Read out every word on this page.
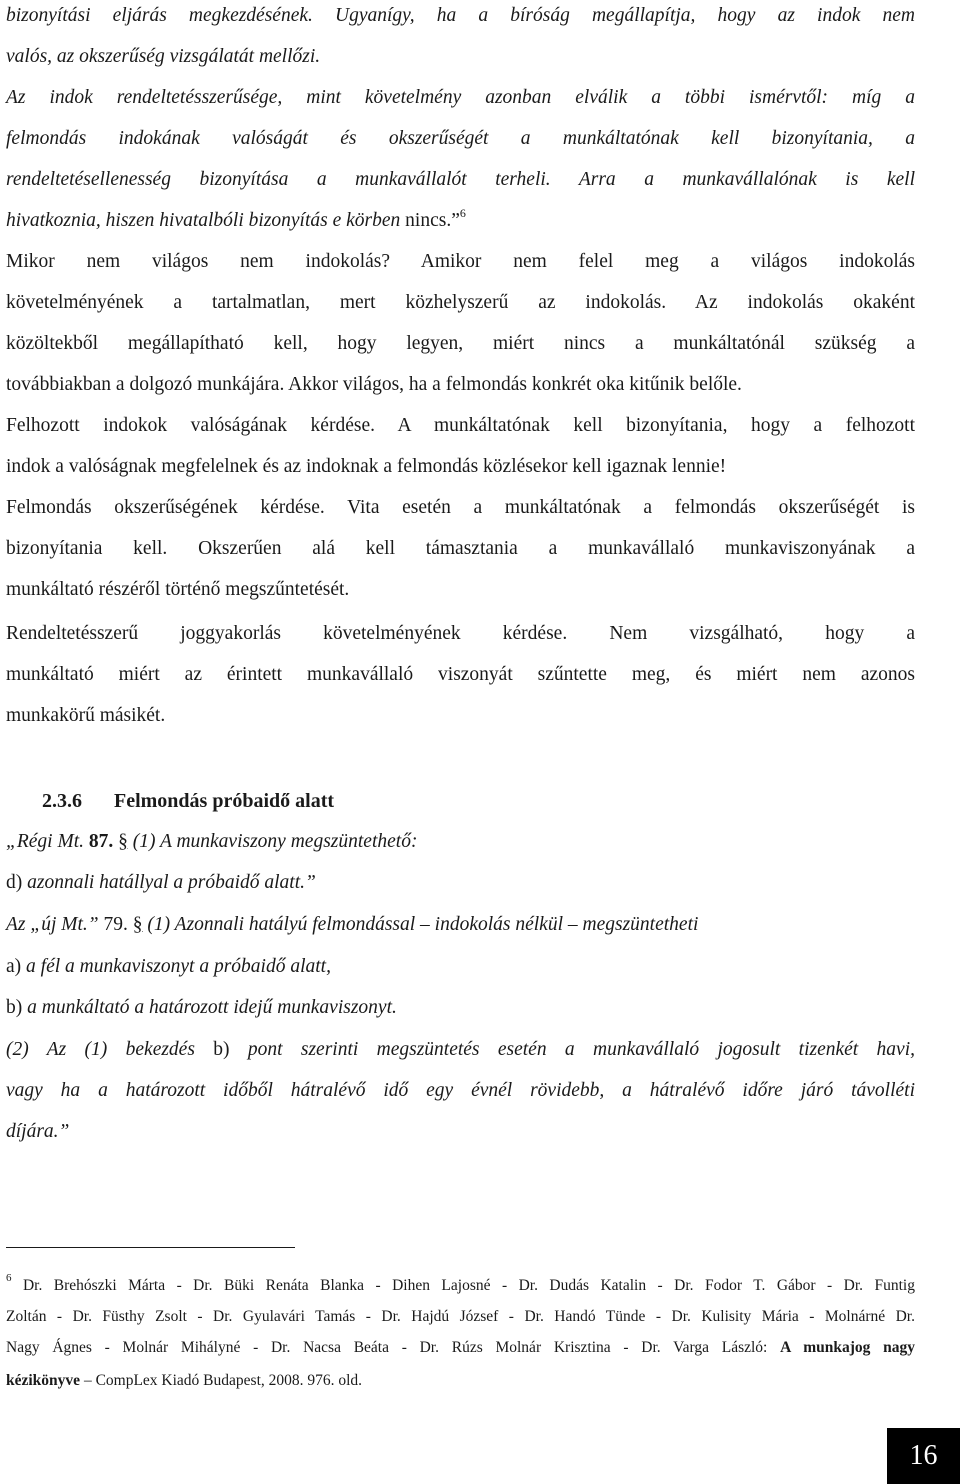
bizonyítási eljárás megkezdésének. Ugyanígy, ha a bíróság megállapítja, hogy az indok nem
valós, az okszerűség vizsgálatát mellőzi.
Az indok rendeltetésszerűsége, mint követelmény azonban elválik a többi ismérvtől: míg a
felmondás indokának valóságát és okszerűségét a munkáltatónak kell bizonyítania, a
rendeltetésellenesség bizonyítása a munkavállalót terheli. Arra a munkavállalónak is kell
hivatkoznia, hiszen hivatalbóli bizonyítás e körben nincs.”$^6$
Mikor nem világos nem indokolás? Amikor nem felel meg a világos indokolás
követelményének a tartalmatlan, mert közhelyszerű az indokolás. Az indokolás okaként
közöltekből megállapítható kell, hogy legyen, miért nincs a munkáltatónál szükség a
továbbiakban a dolgozó munkájára. Akkor világos, ha a felmondás konkrét oka kitűnik belőle.
Felhozott indokok valóságának kérdése. A munkáltatónak kell bizonyítania, hogy a felhozott
indok a valóságnak megfelelnek és az indoknak a felmondás közlésekor kell igaznak lennie!
Felmondás okszerűségének kérdése. Vita esetén a munkáltatónak a felmondás okszerűségét is
bizonyítania kell. Okszerűen alá kell támasztania a munkavállaló munkaviszonyának a
munkáltató részéről történő megszűntetését.
Rendeltetésszerű joggyakorlás követelményének kérdése. Nem vizsgálható, hogy a
munkáltató miért az érintett munkavállaló viszonyát szűntette meg, és miért nem azonos
munkakörű másikét.
2.3.6 Felmondás próbaidő alatt
„Régi Mt. 87. § (1) A munkaviszony megszüntethető:
d) azonnali hatállyal a próbaidő alatt.”
Az „új Mt.” 79. § (1) Azonnali hatályú felmondással – indokolás nélkül – megszüntetheti
a) a fél a munkaviszonyt a próbaidő alatt,
b) a munkáltató a határozott idejű munkaviszonyt.
(2) Az (1) bekezdés b) pont szerinti megszüntetés esetén a munkavállaló jogosult tizenkét havi,
vagy ha a határozott időből hátralévő idő egy évnél rövidebb, a hátralévő időre járó távolléti
díjára.”
$^6$ Dr. Brehószki Márta - Dr. Büki Renáta Blanka - Dihen Lajosné - Dr. Dudás Katalin - Dr. Fodor T. Gábor - Dr. Funtig
Zoltán - Dr. Füsthy Zsolt - Dr. Gyulavári Tamás - Dr. Hajdú József - Dr. Handó Tünde - Dr. Kulisity Mária - Molnárné Dr.
Nagy Ágnes - Molnár Mihályné - Dr. Nacsa Beáta - Dr. Rúzs Molnár Krisztina - Dr. Varga László: A munkajog nagy
kézikönyve – CompLex Kiadó Budapest, 2008. 976. old.
16
